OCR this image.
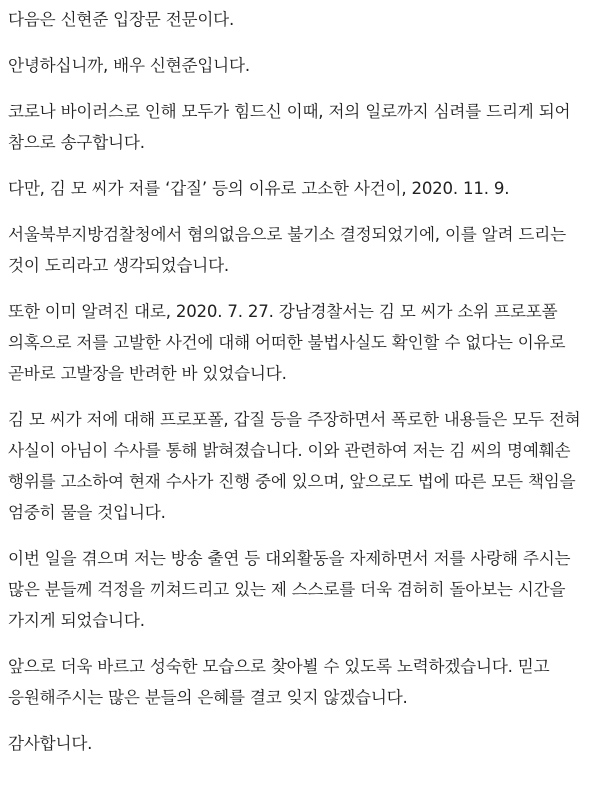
다음은 신현준 입장문 전문이다.

안녕하십니까, 배우 신현준입니다.

코로나 바이러스로 인해 모두가 힘드신 이때, 저의 일로까지 심려를 드리게 되어 참으로 송구합니다.

다만, 김 모 씨가 저를 ‘갑질’ 등의 이유로 고소한 사건이, 2020. 11. 9.

서울북부지방검찰청에서 혐의없음으로 불기소 결정되었기에, 이를 알려 드리는 것이 도리라고 생각되었습니다.

또한 이미 알려진 대로, 2020. 7. 27. 강남경찰서는 김 모 씨가 소위 프로포폴 의혹으로 저를 고발한 사건에 대해 어떠한 불법사실도 확인할 수 없다는 이유로 곧바로 고발장을 반려한 바 있었습니다.

김 모 씨가 저에 대해 프로포폴, 갑질 등을 주장하면서 폭로한 내용들은 모두 전혀 사실이 아님이 수사를 통해 밝혀졌습니다. 이와 관련하여 저는 김 씨의 명예훼손 행위를 고소하여 현재 수사가 진행 중에 있으며, 앞으로도 법에 따른 모든 책임을 엄중히 물을 것입니다.

이번 일을 겪으며 저는 방송 출연 등 대외활동을 자제하면서 저를 사랑해 주시는 많은 분들께 걱정을 끼쳐드리고 있는 제 스스로를 더욱 겸허히 돌아보는 시간을 가지게 되었습니다.

앞으로 더욱 바르고 성숙한 모습으로 찾아뵐 수 있도록 노력하겠습니다. 믿고 응원해주시는 많은 분들의 은혜를 결코 잊지 않겠습니다.

감사합니다.
